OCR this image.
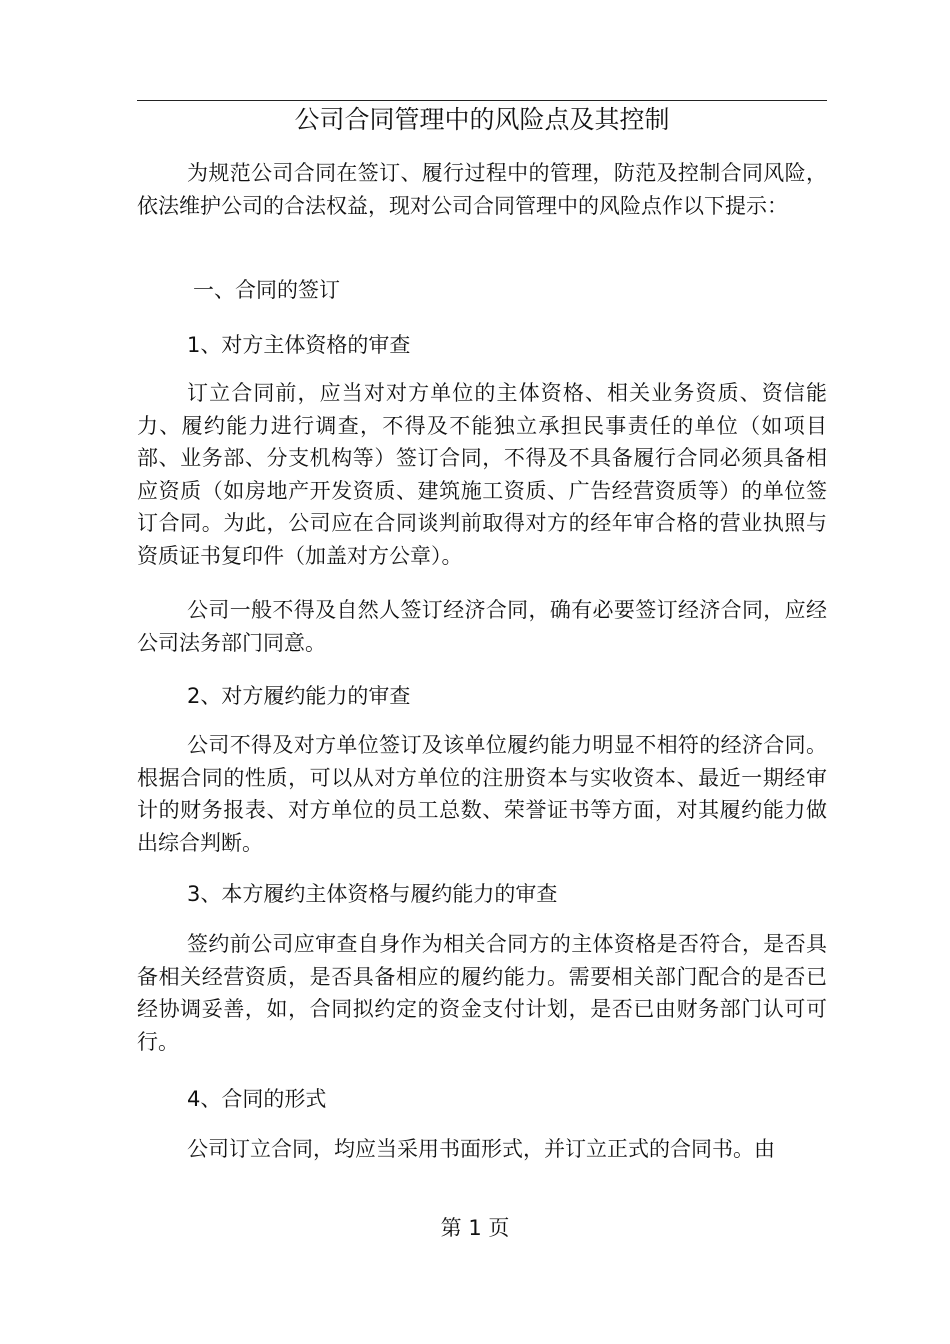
公司合同管理中的风险点及其控制

为规范公司合同在签订、履行过程中的管理，防范及控制合同风险，依法维护公司的合法权益，现对公司合同管理中的风险点作以下提示：

一、合同的签订

1、对方主体资格的审查

订立合同前，应当对对方单位的主体资格、相关业务资质、资信能力、履约能力进行调查，不得及不能独立承担民事责任的单位（如项目部、业务部、分支机构等）签订合同，不得及不具备履行合同必须具备相应资质（如房地产开发资质、建筑施工资质、广告经营资质等）的单位签订合同。为此，公司应在合同谈判前取得对方的经年审合格的营业执照与资质证书复印件（加盖对方公章）。

公司一般不得及自然人签订经济合同，确有必要签订经济合同，应经公司法务部门同意。

2、对方履约能力的审查

公司不得及对方单位签订及该单位履约能力明显不相符的经济合同。根据合同的性质，可以从对方单位的注册资本与实收资本、最近一期经审计的财务报表、对方单位的员工总数、荣誉证书等方面，对其履约能力做出综合判断。

3、本方履约主体资格与履约能力的审查

签约前公司应审查自身作为相关合同方的主体资格是否符合，是否具备相关经营资质，是否具备相应的履约能力。需要相关部门配合的是否已经协调妥善，如，合同拟约定的资金支付计划，是否已由财务部门认可可行。

4、合同的形式

公司订立合同，均应当采用书面形式，并订立正式的合同书。由

第 1 页
